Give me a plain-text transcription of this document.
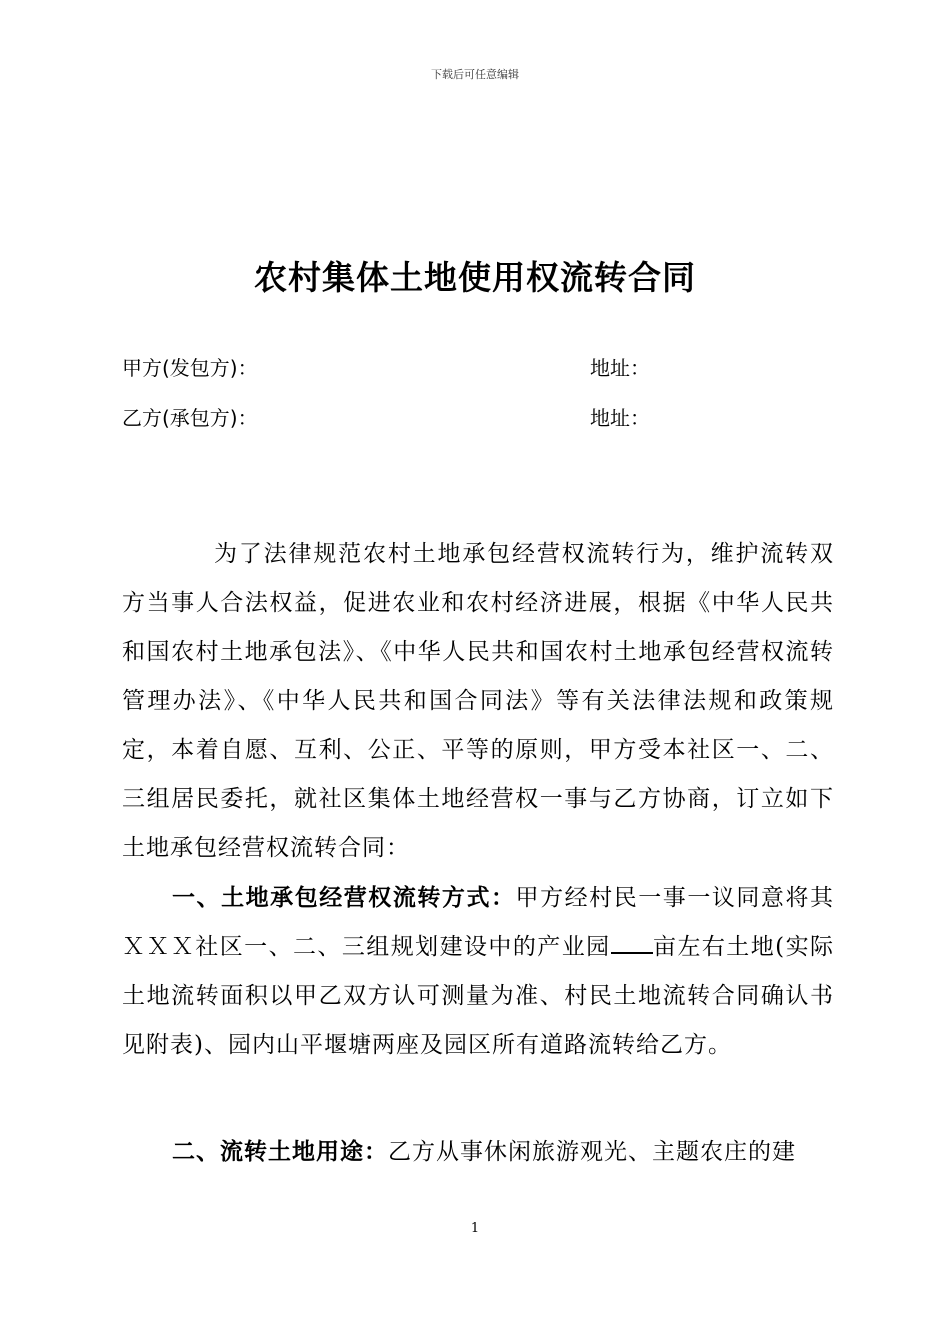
下载后可任意编辑
农村集体土地使用权流转合同
甲方(发包方)：	地址：
乙方(承包方)：	地址：

为了法律规范农村土地承包经营权流转行为，维护流转双方当事人合法权益，促进农业和农村经济进展，根据《中华人民共和国农村土地承包法》、《中华人民共和国农村土地承包经营权流转管理办法》、《中华人民共和国合同法》等有关法律法规和政策规定，本着自愿、互利、公正、平等的原则，甲方受本社区一、二、三组居民委托，就社区集体土地经营权一事与乙方协商，订立如下土地承包经营权流转合同：

一、土地承包经营权流转方式：甲方经村民一事一议同意将其ＸＸＸ社区一、二、三组规划建设中的产业园 亩左右土地(实际土地流转面积以甲乙双方认可测量为准、村民土地流转合同确认书见附表)、园内山平堰塘两座及园区所有道路流转给乙方。

二、流转土地用途：乙方从事休闲旅游观光、主题农庄的建

1
